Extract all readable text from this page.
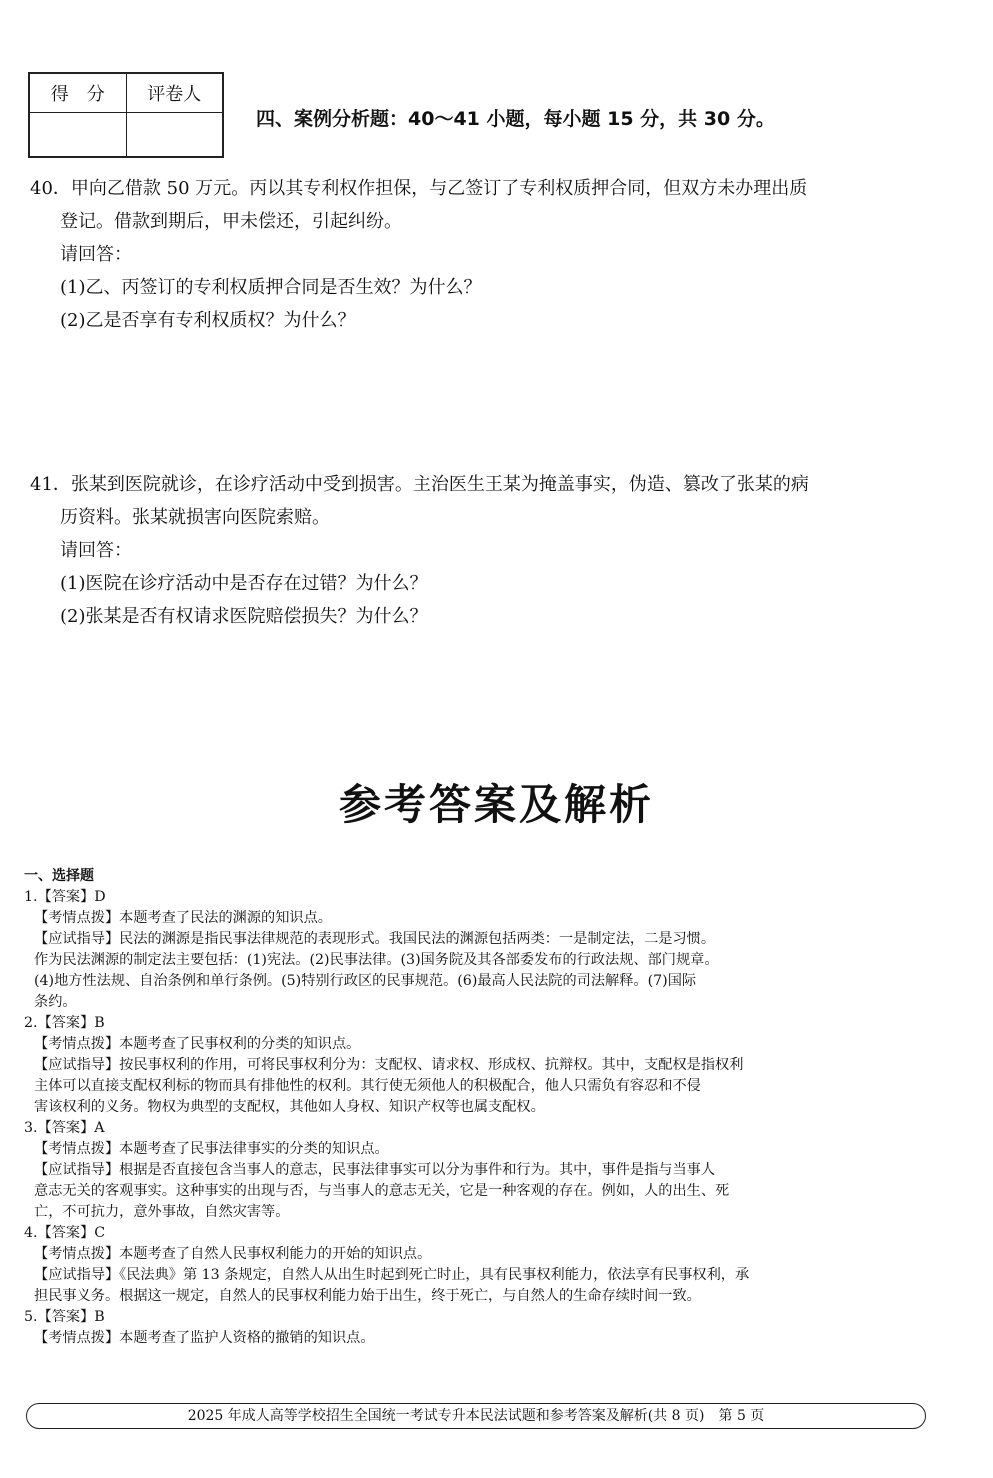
得　分	评卷人

四、案例分析题：40～41 小题，每小题 15 分，共 30 分。
40．甲向乙借款 50 万元。丙以其专利权作担保，与乙签订了专利权质押合同，但双方未办理出质
登记。借款到期后，甲未偿还，引起纠纷。
请回答：
(1)乙、丙签订的专利权质押合同是否生效？为什么？
(2)乙是否享有专利权质权？为什么？
41．张某到医院就诊，在诊疗活动中受到损害。主治医生王某为掩盖事实，伪造、篡改了张某的病
历资料。张某就损害向医院索赔。
请回答：
(1)医院在诊疗活动中是否存在过错？为什么？
(2)张某是否有权请求医院赔偿损失？为什么？
参考答案及解析
一、选择题
1.【答案】D
【考情点拨】本题考查了民法的渊源的知识点。
【应试指导】民法的渊源是指民事法律规范的表现形式。我国民法的渊源包括两类：一是制定法，二是习惯。
作为民法渊源的制定法主要包括：(1)宪法。(2)民事法律。(3)国务院及其各部委发布的行政法规、部门规章。
(4)地方性法规、自治条例和单行条例。(5)特别行政区的民事规范。(6)最高人民法院的司法解释。(7)国际
条约。
2.【答案】B
【考情点拨】本题考查了民事权利的分类的知识点。
【应试指导】按民事权利的作用，可将民事权利分为：支配权、请求权、形成权、抗辩权。其中，支配权是指权利
主体可以直接支配权利标的物而具有排他性的权利。其行使无须他人的积极配合，他人只需负有容忍和不侵
害该权利的义务。物权为典型的支配权，其他如人身权、知识产权等也属支配权。
3.【答案】A
【考情点拨】本题考查了民事法律事实的分类的知识点。
【应试指导】根据是否直接包含当事人的意志，民事法律事实可以分为事件和行为。其中，事件是指与当事人
意志无关的客观事实。这种事实的出现与否，与当事人的意志无关，它是一种客观的存在。例如，人的出生、死
亡，不可抗力，意外事故，自然灾害等。
4.【答案】C
【考情点拨】本题考查了自然人民事权利能力的开始的知识点。
【应试指导】《民法典》第 13 条规定，自然人从出生时起到死亡时止，具有民事权利能力，依法享有民事权利，承
担民事义务。根据这一规定，自然人的民事权利能力始于出生，终于死亡，与自然人的生命存续时间一致。
5.【答案】B
【考情点拨】本题考查了监护人资格的撤销的知识点。
2025 年成人高等学校招生全国统一考试专升本民法试题和参考答案及解析(共 8 页)　第 5 页
